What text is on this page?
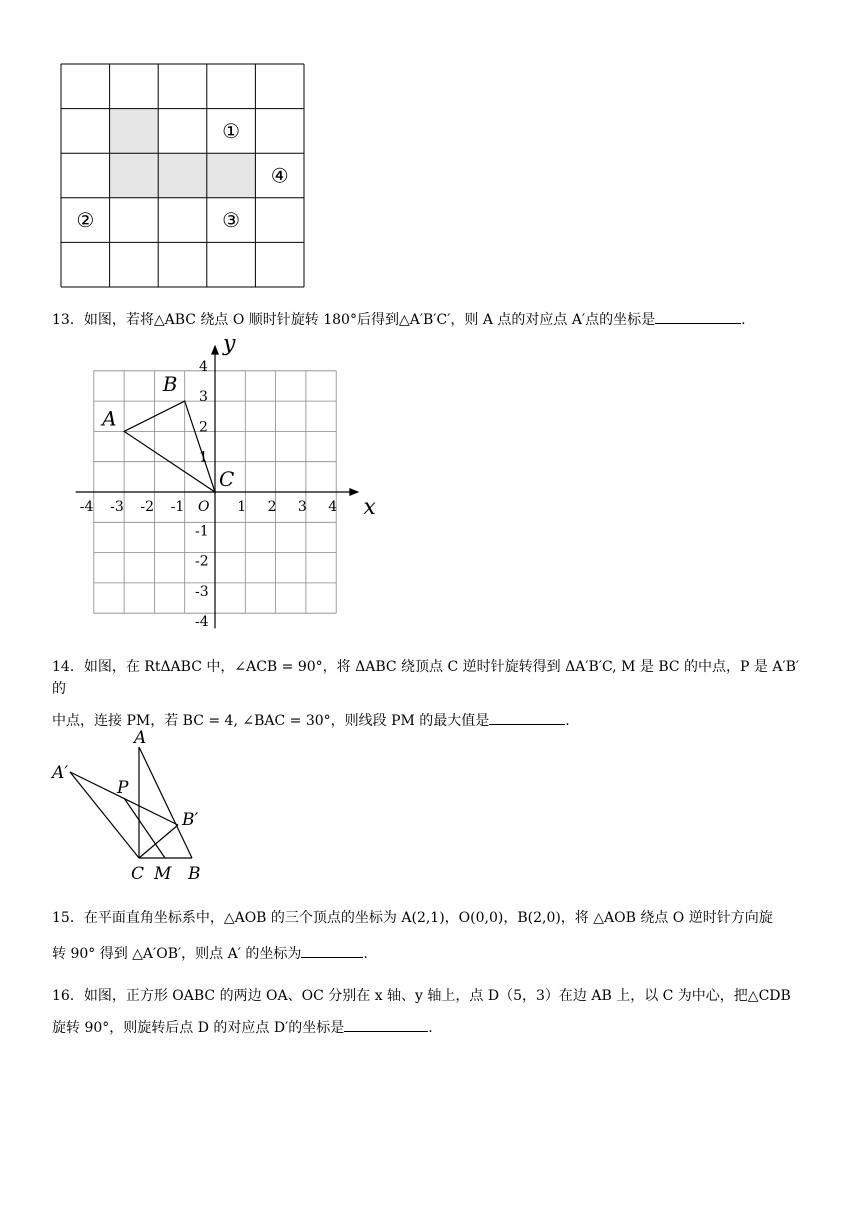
①
④
②	③
13．如图，若将△ABC 绕点 O 顺时针旋转 180°后得到△A′B′C′，则 A 点的对应点 A′点的坐标是	.
x
y
O
-4 -3 -2 -1	1 2 3 4
4
3
2
1
-1
-2
-3
-4
A
B
C
14．如图，在 RtΔABC 中，∠ACB = 90°，将 ΔABC 绕顶点 C 逆时针旋转得到 ΔA′B′C, M 是 BC 的中点，P 是 A′B′ 的
中点，连接 PM，若 BC = 4, ∠BAC = 30°，则线段 PM 的最大值是	.
A
A′
P
B′
C M B
15．在平面直角坐标系中，△AOB 的三个顶点的坐标为 A(2,1)，O(0,0)，B(2,0)，将 △AOB 绕点 O 逆时针方向旋
转 90° 得到 △A′OB′，则点 A′ 的坐标为	.
16．如图，正方形 OABC 的两边 OA、OC 分别在 x 轴、y 轴上，点 D（5，3）在边 AB 上，以 C 为中心，把△CDB
旋转 90°，则旋转后点 D 的对应点 D′的坐标是	.
